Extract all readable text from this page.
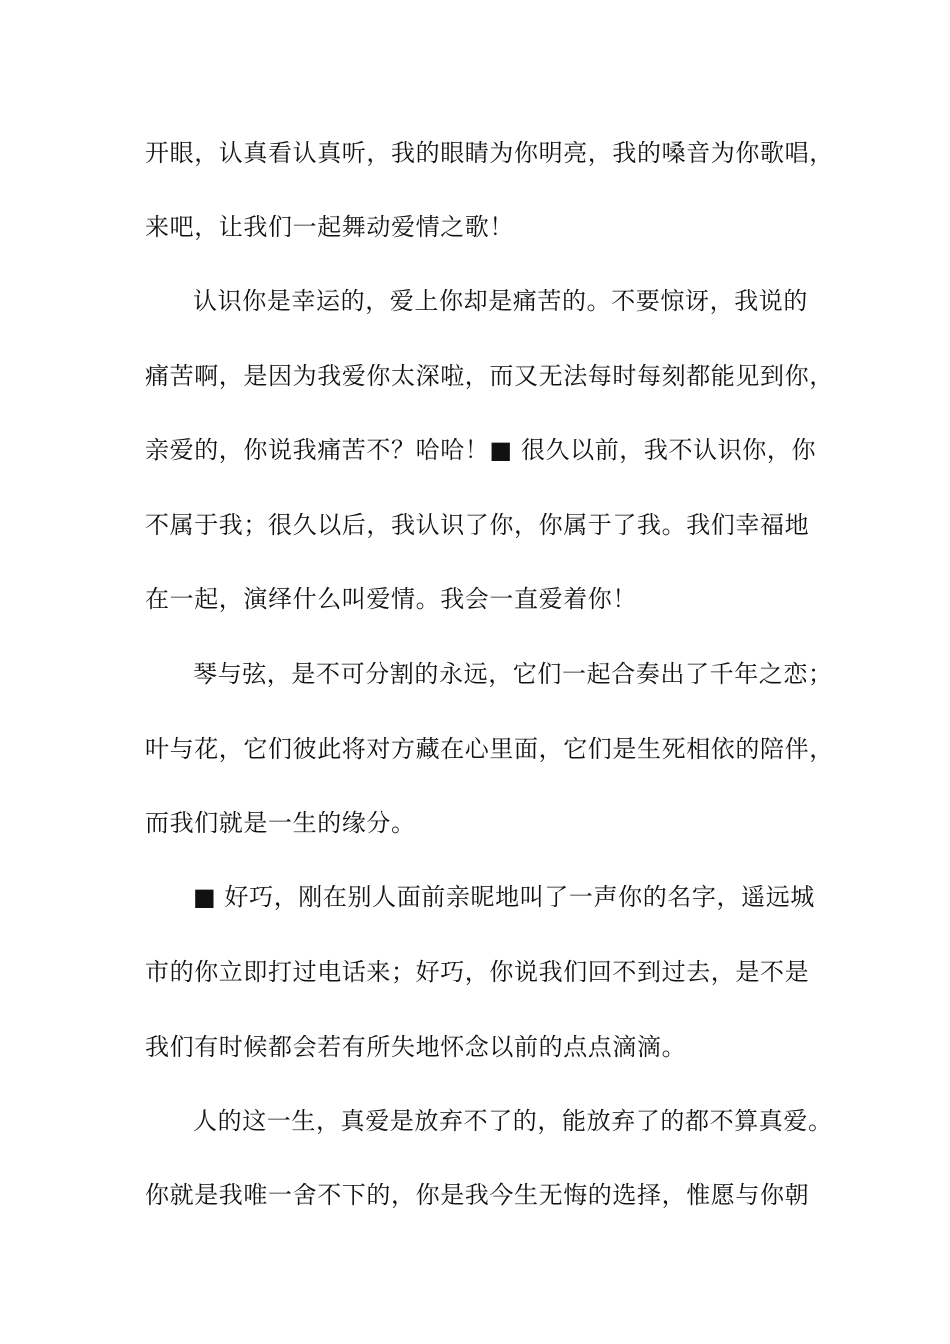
开眼，认真看认真听，我的眼睛为你明亮，我的嗓音为你歌唱，
来吧，让我们一起舞动爱情之歌！
认识你是幸运的，爱上你却是痛苦的。不要惊讶，我说的
痛苦啊，是因为我爱你太深啦，而又无法每时每刻都能见到你，
亲爱的，你说我痛苦不？哈哈！■ 很久以前，我不认识你，你
不属于我；很久以后，我认识了你，你属于了我。我们幸福地
在一起，演绎什么叫爱情。我会一直爱着你！
琴与弦，是不可分割的永远，它们一起合奏出了千年之恋；
叶与花，它们彼此将对方藏在心里面，它们是生死相依的陪伴，
而我们就是一生的缘分。
■ 好巧，刚在别人面前亲昵地叫了一声你的名字，遥远城
市的你立即打过电话来；好巧，你说我们回不到过去，是不是
我们有时候都会若有所失地怀念以前的点点滴滴。
人的这一生，真爱是放弃不了的，能放弃了的都不算真爱。
你就是我唯一舍不下的，你是我今生无悔的选择，惟愿与你朝
